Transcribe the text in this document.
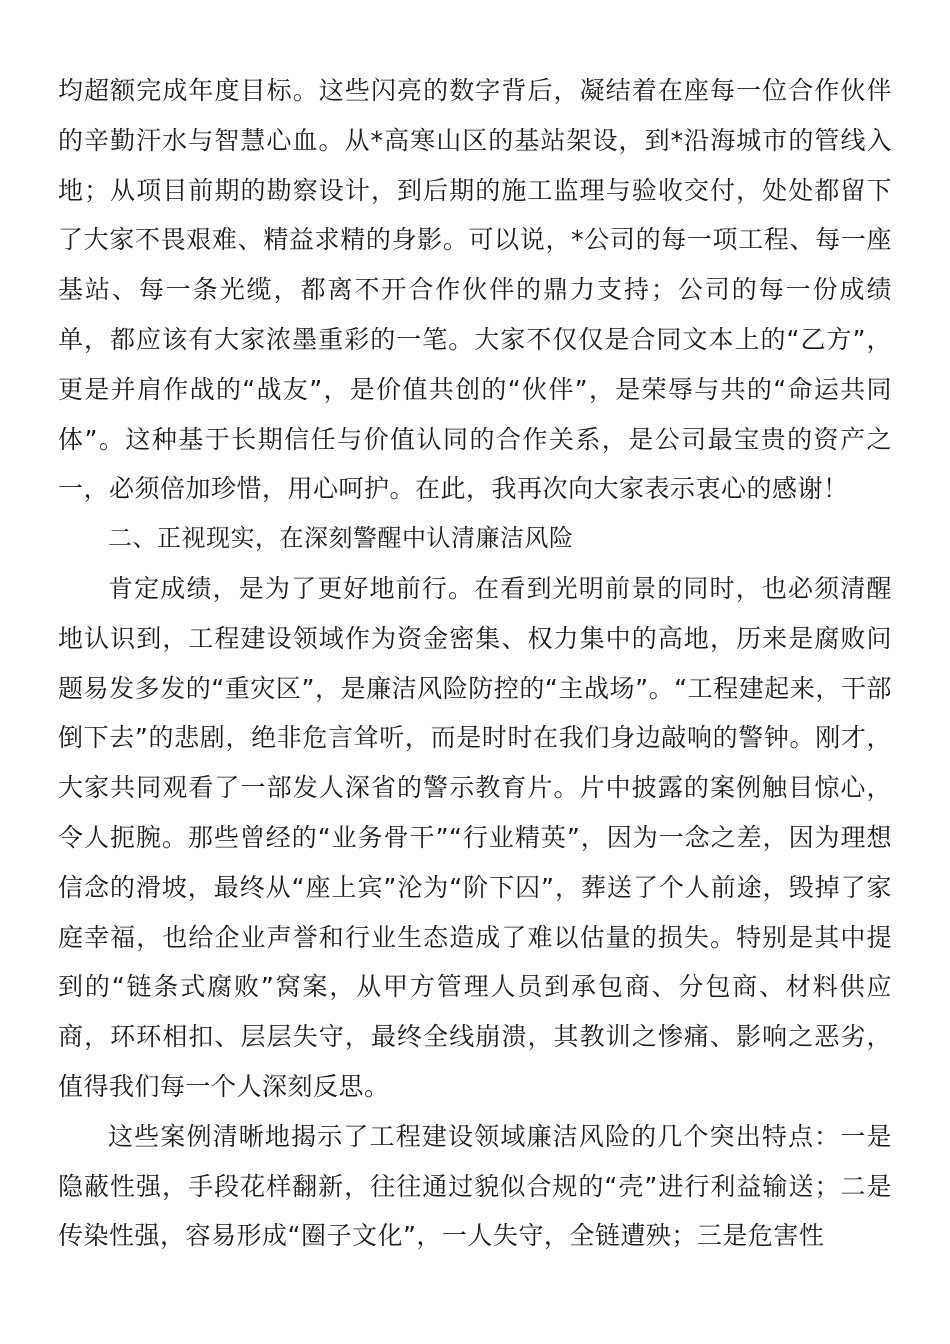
均超额完成年度目标。这些闪亮的数字背后，凝结着在座每一位合作伙伴的辛勤汗水与智慧心血。从*高寒山区的基站架设，到*沿海城市的管线入地；从项目前期的勘察设计，到后期的施工监理与验收交付，处处都留下了大家不畏艰难、精益求精的身影。可以说，*公司的每一项工程、每一座基站、每一条光缆，都离不开合作伙伴的鼎力支持；公司的每一份成绩单，都应该有大家浓墨重彩的一笔。大家不仅仅是合同文本上的“乙方”，更是并肩作战的“战友”，是价值共创的“伙伴”，是荣辱与共的“命运共同体”。这种基于长期信任与价值认同的合作关系，是公司最宝贵的资产之一，必须倍加珍惜，用心呵护。在此，我再次向大家表示衷心的感谢！

二、正视现实，在深刻警醒中认清廉洁风险

肯定成绩，是为了更好地前行。在看到光明前景的同时，也必须清醒地认识到，工程建设领域作为资金密集、权力集中的高地，历来是腐败问题易发多发的“重灾区”，是廉洁风险防控的“主战场”。“工程建起来，干部倒下去”的悲剧，绝非危言耸听，而是时时在我们身边敲响的警钟。刚才，大家共同观看了一部发人深省的警示教育片。片中披露的案例触目惊心，令人扼腕。那些曾经的“业务骨干”“行业精英”，因为一念之差，因为理想信念的滑坡，最终从“座上宾”沦为“阶下囚”，葬送了个人前途，毁掉了家庭幸福，也给企业声誉和行业生态造成了难以估量的损失。特别是其中提到的“链条式腐败”窝案，从甲方管理人员到承包商、分包商、材料供应商，环环相扣、层层失守，最终全线崩溃，其教训之惨痛、影响之恶劣，值得我们每一个人深刻反思。

这些案例清晰地揭示了工程建设领域廉洁风险的几个突出特点：一是隐蔽性强，手段花样翻新，往往通过貌似合规的“壳”进行利益输送；二是传染性强，容易形成“圈子文化”，一人失守，全链遭殃；三是危害性
